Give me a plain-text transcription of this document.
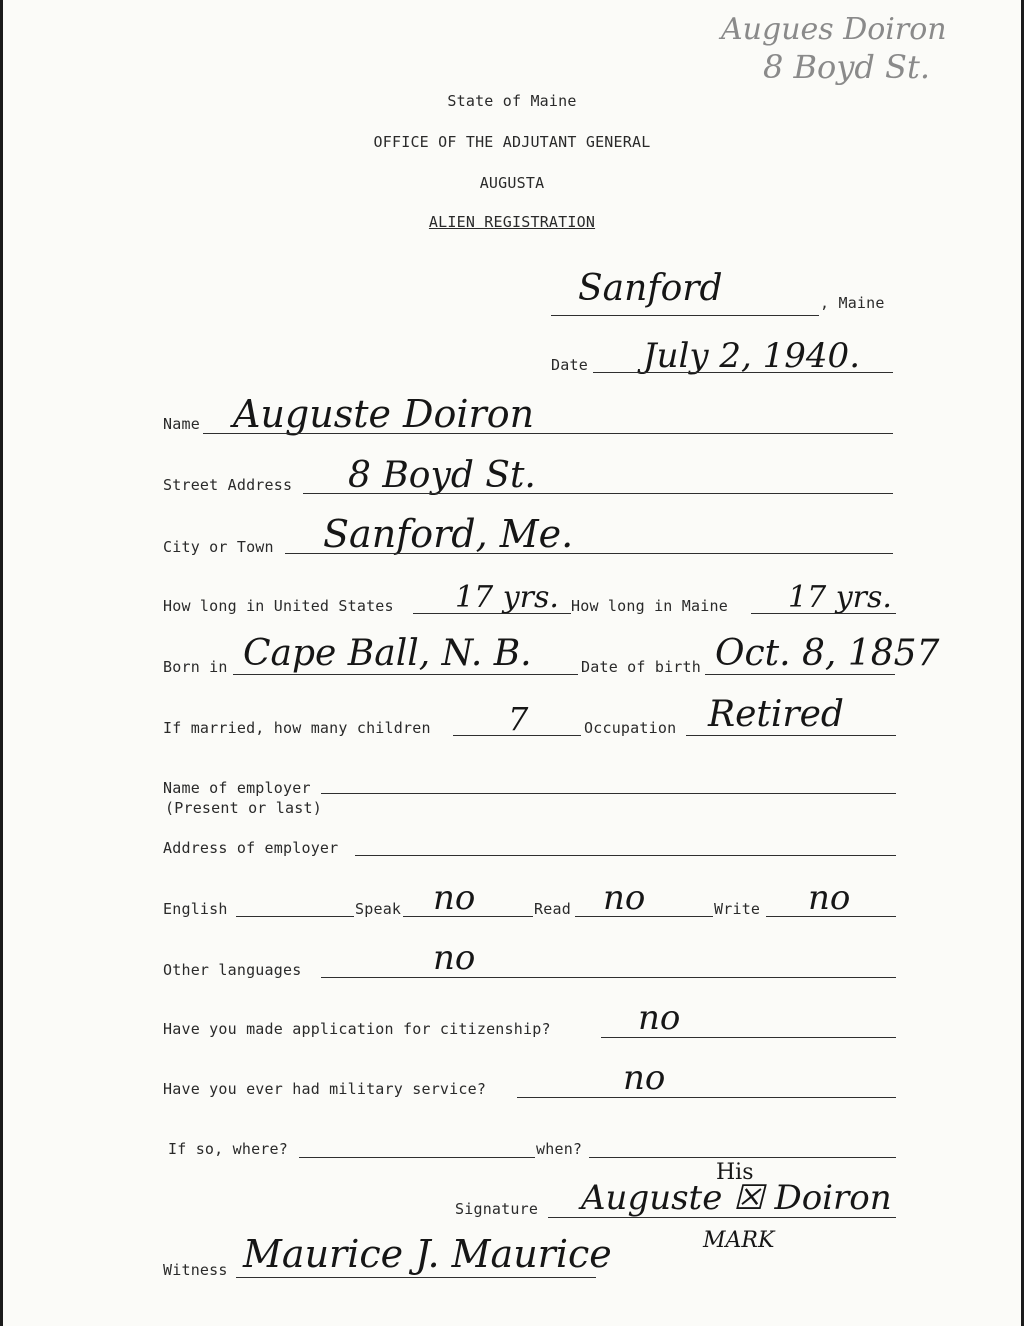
Augues Doiron
8 Boyd St.
State of Maine
OFFICE OF THE ADJUTANT GENERAL
AUGUSTA
ALIEN REGISTRATION
Sanford	, Maine
Date July 2, 1940.
Name Auguste Doiron
Street Address 8 Boyd St.
City or Town Sanford, Me.
How long in United States 17 yrs. How long in Maine 17 yrs.
Born in Cape Ball, N. B.	Date of birth Oct. 8, 1857
If married, how many children 7	Occupation Retired
Name of employer
(Present or last)
Address of employer
English	Speak no	Read no	Write no
Other languages	no
Have you made application for citizenship?	no
Have you ever had military service?	no
If so, where?	when?
His
Signature Auguste ☒ Doiron
MARK
Witness Maurice J. Maurice
